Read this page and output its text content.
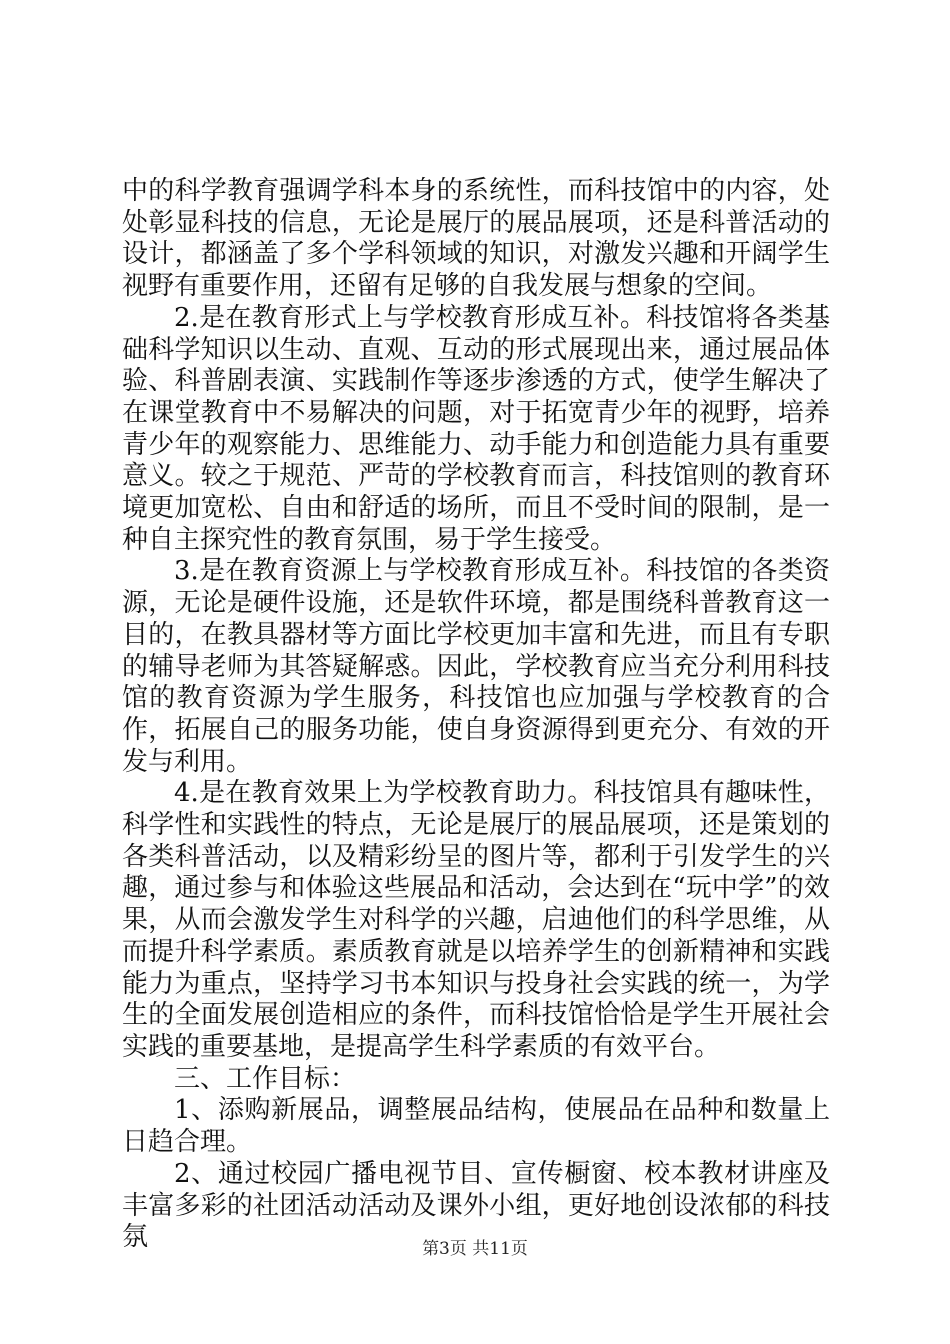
中的科学教育强调学科本身的系统性，而科技馆中的内容，处处彰显科技的信息，无论是展厅的展品展项，还是科普活动的设计，都涵盖了多个学科领域的知识，对激发兴趣和开阔学生视野有重要作用，还留有足够的自我发展与想象的空间。

2.是在教育形式上与学校教育形成互补。科技馆将各类基础科学知识以生动、直观、互动的形式展现出来，通过展品体验、科普剧表演、实践制作等逐步渗透的方式，使学生解决了在课堂教育中不易解决的问题，对于拓宽青少年的视野，培养青少年的观察能力、思维能力、动手能力和创造能力具有重要意义。较之于规范、严苛的学校教育而言，科技馆则的教育环境更加宽松、自由和舒适的场所，而且不受时间的限制，是一种自主探究性的教育氛围，易于学生接受。

3.是在教育资源上与学校教育形成互补。科技馆的各类资源，无论是硬件设施，还是软件环境，都是围绕科普教育这一目的，在教具器材等方面比学校更加丰富和先进，而且有专职的辅导老师为其答疑解惑。因此，学校教育应当充分利用科技馆的教育资源为学生服务，科技馆也应加强与学校教育的合作，拓展自己的服务功能，使自身资源得到更充分、有效的开发与利用。

4.是在教育效果上为学校教育助力。科技馆具有趣味性，科学性和实践性的特点，无论是展厅的展品展项，还是策划的各类科普活动，以及精彩纷呈的图片等，都利于引发学生的兴趣，通过参与和体验这些展品和活动，会达到在“玩中学”的效果，从而会激发学生对科学的兴趣，启迪他们的科学思维，从而提升科学素质。素质教育就是以培养学生的创新精神和实践能力为重点，坚持学习书本知识与投身社会实践的统一，为学生的全面发展创造相应的条件，而科技馆恰恰是学生开展社会实践的重要基地，是提高学生科学素质的有效平台。

三、工作目标：

1、添购新展品，调整展品结构，使展品在品种和数量上日趋合理。

2、通过校园广播电视节目、宣传橱窗、校本教材讲座及丰富多彩的社团活动活动及课外小组，更好地创设浓郁的科技氛	第3页 共11页
